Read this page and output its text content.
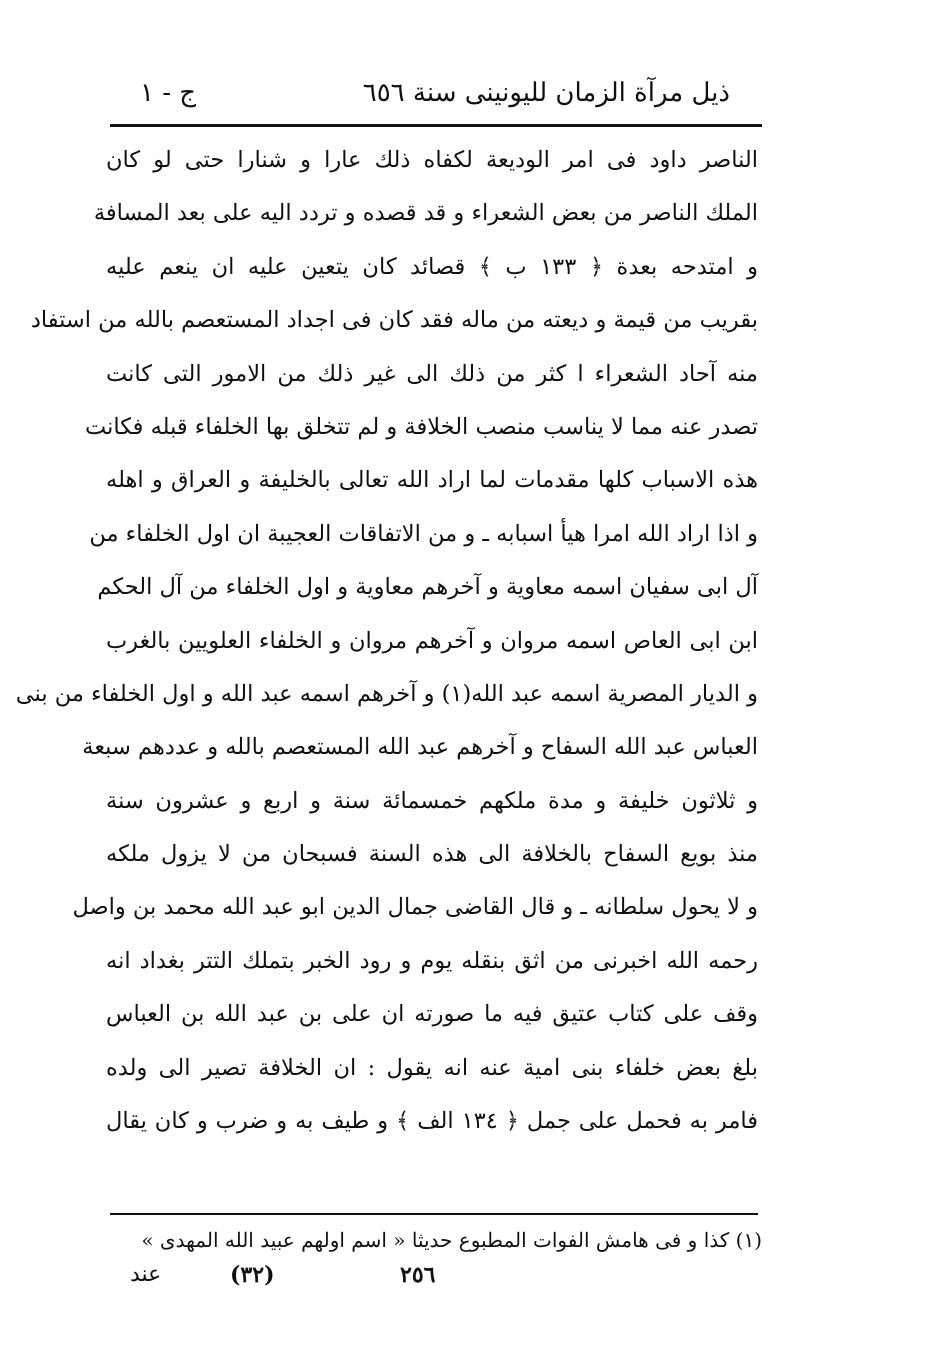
ذيل مرآة الزمان لليونينى سنة ٦٥٦
ج - ١
الناصر داود فى امر الوديعة لكفاه ذلك عارا و شنارا حتى لو كان
الملك الناصر من بعض الشعراء و قد قصده و تردد اليه على بعد المسافة
و امتدحه بعدة ﴿ ١٣٣ ب ﴾ قصائد كان يتعين عليه ان ينعم عليه
بقريب من قيمة و ديعته من ماله فقد كان فى اجداد المستعصم بالله من استفاد
منه آحاد الشعراء ا كثر من ذلك الى غير ذلك من الامور التى كانت
تصدر عنه مما لا يناسب منصب الخلافة و لم تتخلق بها الخلفاء قبله فكانت
هذه الاسباب كلها مقدمات لما اراد الله تعالى بالخليفة و العراق و اهله
و اذا اراد الله امرا هيأ اسبابه ـ و من الاتفاقات العجيبة ان اول الخلفاء من
آل ابى سفيان اسمه معاوية و آخرهم معاوية و اول الخلفاء من آل الحكم
ابن ابى العاص اسمه مروان و آخرهم مروان و الخلفاء العلويين بالغرب
و الديار المصرية اسمه عبد الله(١) و آخرهم اسمه عبد الله و اول الخلفاء من بنى
العباس عبد الله السفاح و آخرهم عبد الله المستعصم بالله و عددهم سبعة
و ثلاثون خليفة و مدة ملكهم خمسمائة سنة و اربع و عشرون سنة
منذ بويع السفاح بالخلافة الى هذه السنة فسبحان من لا يزول ملكه
و لا يحول سلطانه ـ و قال القاضى جمال الدين ابو عبد الله محمد بن واصل
رحمه الله اخبرنى من اثق بنقله يوم و رود الخبر بتملك التتر بغداد انه
وقف على كتاب عتيق فيه ما صورته ان على بن عبد الله بن العباس
بلغ بعض خلفاء بنى امية عنه انه يقول : ان الخلافة تصير الى ولده
فامر به فحمل على جمل ﴿ ١٣٤ الف ﴾ و طيف به و ضرب و كان يقال
(١) كذا و فى هامش الفوات المطبوع حديثا « اسم اولهم عبيد الله المهدى »
٢٥٦
(٣٢)
عند
